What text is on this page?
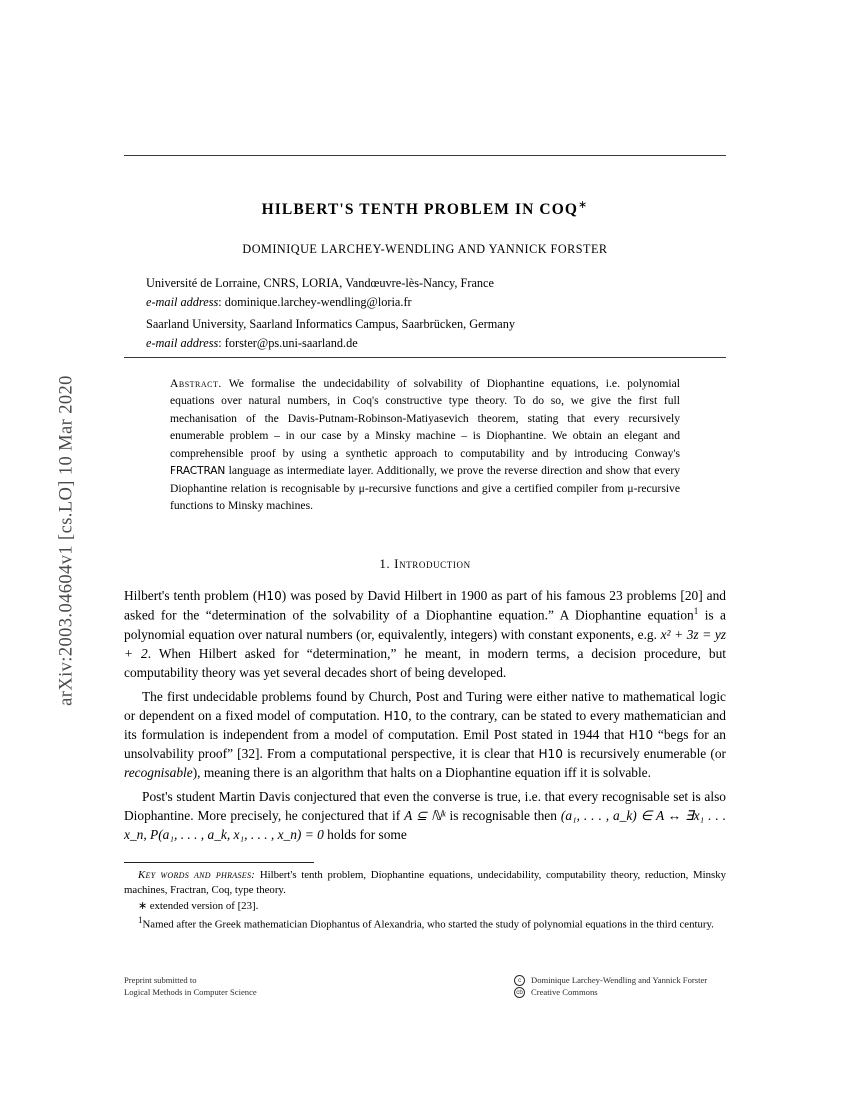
arXiv:2003.04604v1 [cs.LO] 10 Mar 2020
HILBERT'S TENTH PROBLEM IN COQ∗
DOMINIQUE LARCHEY-WENDLING AND YANNICK FORSTER
Université de Lorraine, CNRS, LORIA, Vandœuvre-lès-Nancy, France
e-mail address: dominique.larchey-wendling@loria.fr
Saarland University, Saarland Informatics Campus, Saarbrücken, Germany
e-mail address: forster@ps.uni-saarland.de
Abstract. We formalise the undecidability of solvability of Diophantine equations, i.e. polynomial equations over natural numbers, in Coq's constructive type theory. To do so, we give the first full mechanisation of the Davis-Putnam-Robinson-Matiyasevich theorem, stating that every recursively enumerable problem – in our case by a Minsky machine – is Diophantine. We obtain an elegant and comprehensible proof by using a synthetic approach to computability and by introducing Conway's FRACTRAN language as intermediate layer. Additionally, we prove the reverse direction and show that every Diophantine relation is recognisable by μ-recursive functions and give a certified compiler from μ-recursive functions to Minsky machines.
1. Introduction

Hilbert's tenth problem (H10) was posed by David Hilbert in 1900 as part of his famous 23 problems [20] and asked for the “determination of the solvability of a Diophantine equation.” A Diophantine equation$^1$ is a polynomial equation over natural numbers (or, equivalently, integers) with constant exponents, e.g. x² + 3z = yz + 2. When Hilbert asked for “determination,” he meant, in modern terms, a decision procedure, but computability theory was yet several decades short of being developed.

The first undecidable problems found by Church, Post and Turing were either native to mathematical logic or dependent on a fixed model of computation. H10, to the contrary, can be stated to every mathematician and its formulation is independent from a model of computation. Emil Post stated in 1944 that H10 “begs for an unsolvability proof” [32]. From a computational perspective, it is clear that H10 is recursively enumerable (or recognisable), meaning there is an algorithm that halts on a Diophantine equation iff it is solvable.

Post's student Martin Davis conjectured that even the converse is true, i.e. that every recognisable set is also Diophantine. More precisely, he conjectured that if A ⊆ ℕᵏ is recognisable then (a₁, . . . , a_k) ∈ A ↔ ∃x₁ . . . x_n, P(a₁, . . . , a_k, x₁, . . . , x_n) = 0 holds for some

Key words and phrases: Hilbert's tenth problem, Diophantine equations, undecidability, computability theory, reduction, Minsky machines, Fractran, Coq, type theory.

∗ extended version of [23].

$^1$Named after the Greek mathematician Diophantus of Alexandria, who started the study of polynomial equations in the third century.

Preprint submitted to
Logical Methods in Computer Science
c
cb
Dominique Larchey-Wendling and Yannick Forster
Creative Commons
